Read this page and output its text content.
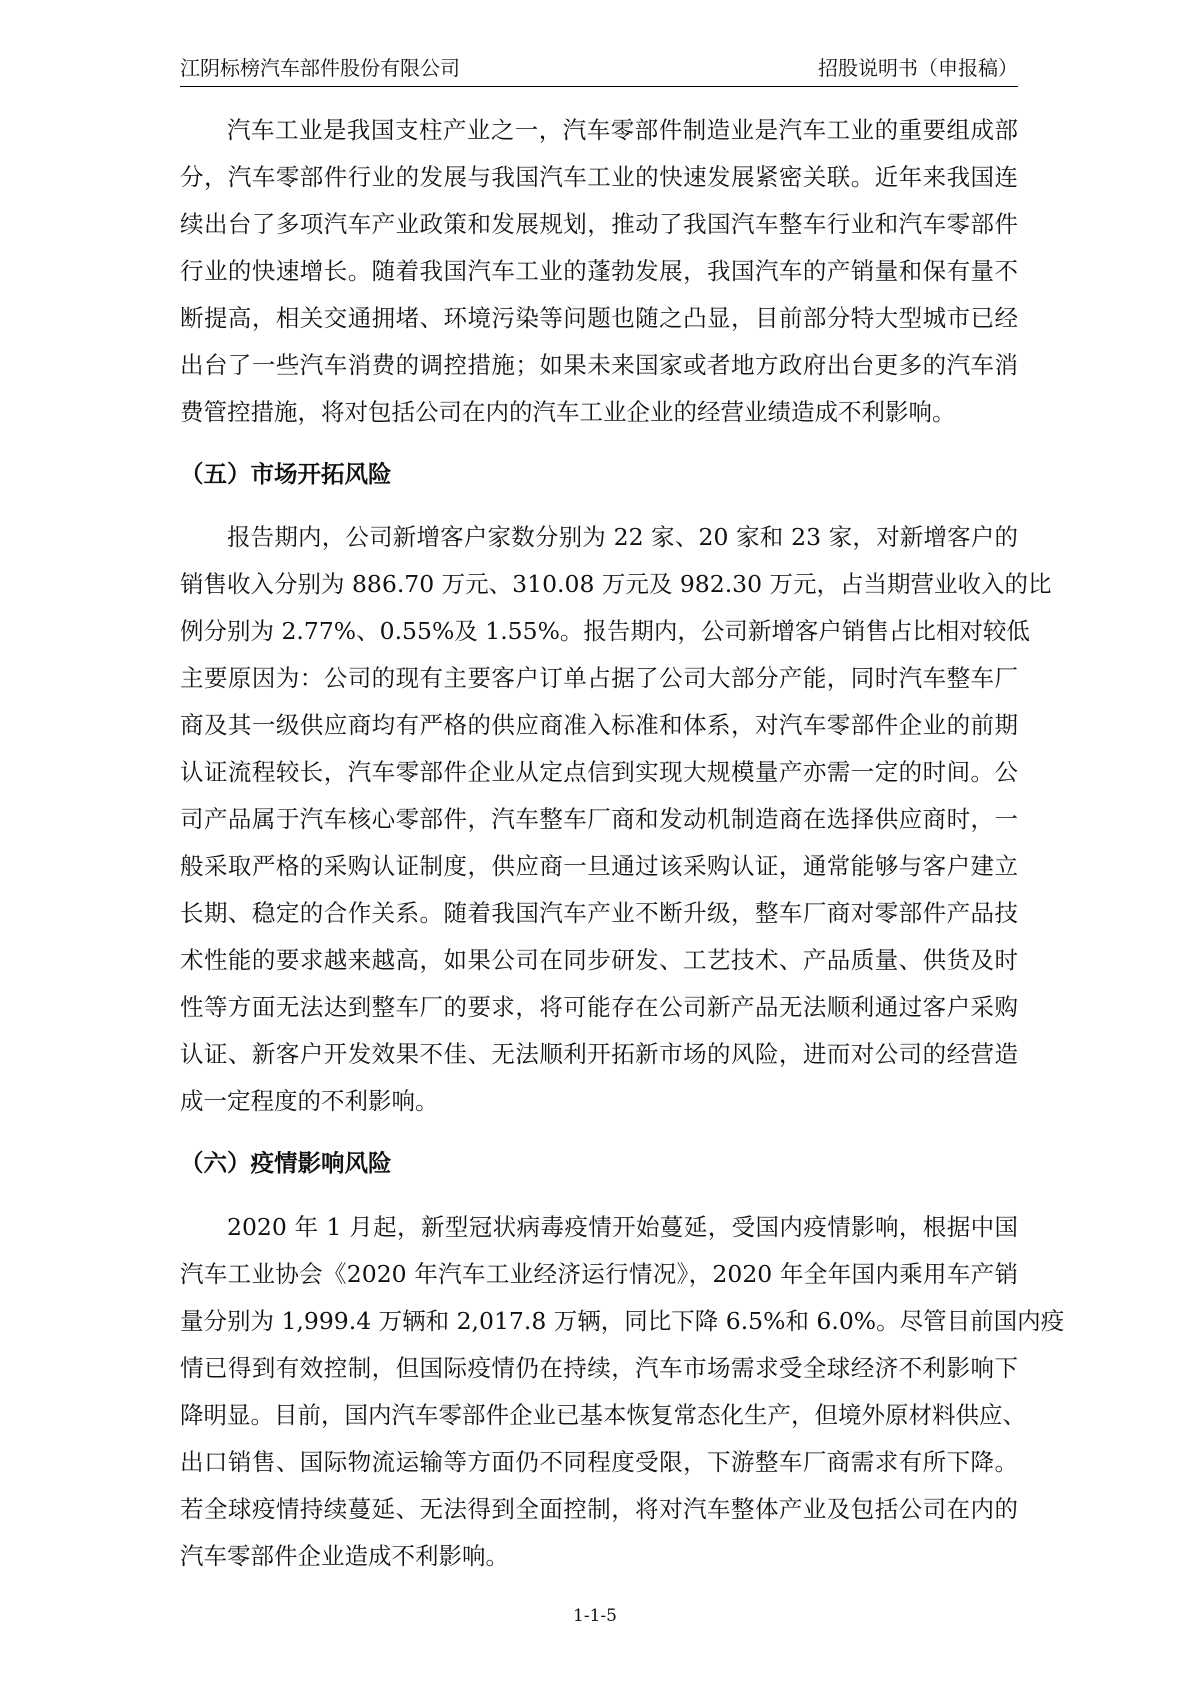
江阴标榜汽车部件股份有限公司	招股说明书（申报稿）
汽车工业是我国支柱产业之一，汽车零部件制造业是汽车工业的重要组成部
分，汽车零部件行业的发展与我国汽车工业的快速发展紧密关联。近年来我国连
续出台了多项汽车产业政策和发展规划，推动了我国汽车整车行业和汽车零部件
行业的快速增长。随着我国汽车工业的蓬勃发展，我国汽车的产销量和保有量不
断提高，相关交通拥堵、环境污染等问题也随之凸显，目前部分特大型城市已经
出台了一些汽车消费的调控措施；如果未来国家或者地方政府出台更多的汽车消
费管控措施，将对包括公司在内的汽车工业企业的经营业绩造成不利影响。
（五）市场开拓风险
报告期内，公司新增客户家数分别为 22 家、20 家和 23 家，对新增客户的
销售收入分别为 886.70 万元、310.08 万元及 982.30 万元，占当期营业收入的比
例分别为 2.77%、0.55%及 1.55%。报告期内，公司新增客户销售占比相对较低
主要原因为：公司的现有主要客户订单占据了公司大部分产能，同时汽车整车厂
商及其一级供应商均有严格的供应商准入标准和体系，对汽车零部件企业的前期
认证流程较长，汽车零部件企业从定点信到实现大规模量产亦需一定的时间。公
司产品属于汽车核心零部件，汽车整车厂商和发动机制造商在选择供应商时，一
般采取严格的采购认证制度，供应商一旦通过该采购认证，通常能够与客户建立
长期、稳定的合作关系。随着我国汽车产业不断升级，整车厂商对零部件产品技
术性能的要求越来越高，如果公司在同步研发、工艺技术、产品质量、供货及时
性等方面无法达到整车厂的要求，将可能存在公司新产品无法顺利通过客户采购
认证、新客户开发效果不佳、无法顺利开拓新市场的风险，进而对公司的经营造
成一定程度的不利影响。
（六）疫情影响风险
2020 年 1 月起，新型冠状病毒疫情开始蔓延，受国内疫情影响，根据中国
汽车工业协会《2020 年汽车工业经济运行情况》，2020 年全年国内乘用车产销
量分别为 1,999.4 万辆和 2,017.8 万辆，同比下降 6.5%和 6.0%。尽管目前国内疫
情已得到有效控制，但国际疫情仍在持续，汽车市场需求受全球经济不利影响下
降明显。目前，国内汽车零部件企业已基本恢复常态化生产，但境外原材料供应、
出口销售、国际物流运输等方面仍不同程度受限，下游整车厂商需求有所下降。
若全球疫情持续蔓延、无法得到全面控制，将对汽车整体产业及包括公司在内的
汽车零部件企业造成不利影响。
1-1-5
